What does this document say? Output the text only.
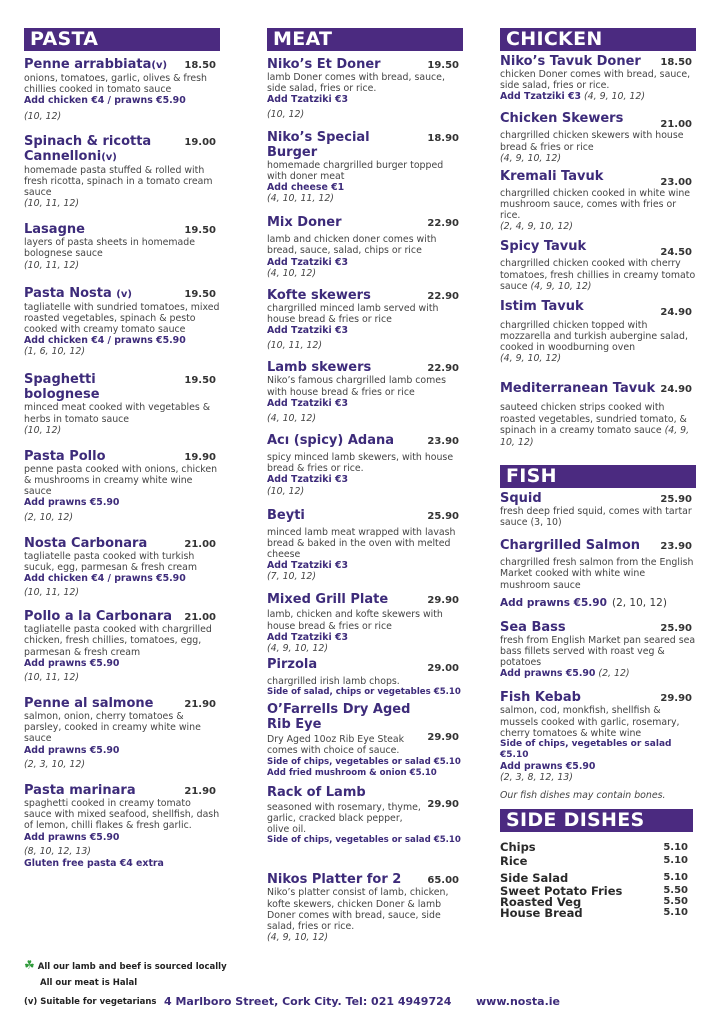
PASTA
Penne arrabbiata(v)	18.50
onions, tomatoes, garlic, olives & fresh chillies cooked in tomato sauce
Add chicken €4 / prawns €5.90
(10, 12)
Spinach & ricotta Cannelloni(v)
19.00
homemade pasta stuffed & rolled with fresh ricotta, spinach in a tomato cream sauce
(10, 11, 12)
Lasagne	19.50
layers of pasta sheets in homemade bolognese sauce
(10, 11, 12)
Pasta Nosta (v)	19.50
tagliatelle with sundried tomatoes, mixed roasted vegetables, spinach & pesto cooked with creamy tomato sauce
Add chicken €4 / prawns €5.90
(1, 6, 10, 12)
Spaghetti bolognese
19.50
minced meat cooked with vegetables & herbs in tomato sauce
(10, 12)
Pasta Pollo	19.90
penne pasta cooked with onions, chicken & mushrooms in creamy white wine sauce
Add prawns €5.90
(2, 10, 12)
Nosta Carbonara	21.00
tagliatelle pasta cooked with turkish sucuk, egg, parmesan & fresh cream
Add chicken €4 / prawns €5.90
(10, 11, 12)
Pollo a la Carbonara	21.00
tagliatelle pasta cooked with chargrilled chicken, fresh chillies, tomatoes, egg, parmesan & fresh cream
Add prawns €5.90
(10, 11, 12)
Penne al salmone	21.90
salmon, onion, cherry tomatoes & parsley, cooked in creamy white wine sauce
Add prawns €5.90
(2, 3, 10, 12)
Pasta marinara	21.90
spaghetti cooked in creamy tomato sauce with mixed seafood, shellfish, dash of lemon, chilli flakes & fresh garlic.
Add prawns €5.90
(8, 10, 12, 13)
Gluten free pasta €4 extra
☘ All our lamb and beef is sourced locally
All our meat is Halal
MEAT
Niko’s Et Doner	19.50
lamb Doner comes with bread, sauce, side salad, fries or rice.
Add Tzatziki €3
(10, 12)
Niko’s Special Burger
18.90
homemade chargrilled burger topped with doner meat
Add cheese €1
(4, 10, 11, 12)
Mix Doner	22.90
lamb and chicken doner comes with bread, sauce, salad, chips or rice
Add Tzatziki €3
(4, 10, 12)
Kofte skewers	22.90
chargrilled minced lamb served with house bread & fries or rice
Add Tzatziki €3
(10, 11, 12)
Lamb skewers	22.90
Niko’s famous chargrilled lamb comes with house bread & fries or rice
Add Tzatziki €3
(4, 10, 12)
Acı (spicy) Adana	23.90
spicy minced lamb skewers, with house bread & fries or rice.
Add Tzatziki €3
(10, 12)
Beyti	25.90
minced lamb meat wrapped with lavash bread & baked in the oven with melted cheese
Add Tzatziki €3
(7, 10, 12)
Mixed Grill Plate	29.90
lamb, chicken and kofte skewers with house bread & fries or rice
Add Tzatziki €3
(4, 9, 10, 12)
Pirzola	29.00
chargrilled irish lamb chops.
Side of salad, chips or vegetables €5.10
O’Farrells Dry Aged Rib Eye
29.90
Dry Aged 10oz Rib Eye Steak comes with choice of sauce.
Side of chips, vegetables or salad €5.10
Add fried mushroom & onion €5.10
Rack of Lamb
29.90
seasoned with rosemary, thyme, garlic, cracked black pepper, olive oil.
Side of chips, vegetables or salad €5.10
Nikos Platter for 2	65.00
Niko’s platter consist of lamb, chicken, kofte skewers, chicken Doner & lamb Doner comes with bread, sauce, side salad, fries or rice.
(4, 9, 10, 12)
CHICKEN
Niko’s Tavuk Doner	18.50
chicken Doner comes with bread, sauce, side salad, fries or rice.
Add Tzatziki €3 (4, 9, 10, 12)
Chicken Skewers	21.00
chargrilled chicken skewers with house bread & fries or rice
(4, 9, 10, 12)
Kremali Tavuk	23.00
chargrilled chicken cooked in white wine mushroom sauce, comes with fries or rice.
(2, 4, 9, 10, 12)
Spicy Tavuk	24.50
chargrilled chicken cooked with cherry tomatoes, fresh chillies in creamy tomato sauce (4, 9, 10, 12)
Istim Tavuk	24.90
chargrilled chicken topped with mozzarella and turkish aubergine salad, cooked in woodburning oven
(4, 9, 10, 12)
Mediterranean Tavuk 24.90
sauteed chicken strips cooked with roasted vegetables, sundried tomato, & spinach in a creamy tomato sauce (4, 9, 10, 12)
FISH
Squid	25.90
fresh deep fried squid, comes with tartar sauce (3, 10)
Chargrilled Salmon	23.90
chargrilled fresh salmon from the English Market cooked with white wine mushroom sauce
Add prawns €5.90 (2, 10, 12)
Sea Bass	25.90
fresh from English Market pan seared sea bass fillets served with roast veg & potatoes
Add prawns €5.90 (2, 12)
Fish Kebab	29.90
salmon, cod, monkfish, shellfish & mussels cooked with garlic, rosemary, cherry tomatoes & white wine
Side of chips, vegetables or salad €5.10
Add prawns €5.90
(2, 3, 8, 12, 13)
Our fish dishes may contain bones.
SIDE DISHES
Chips	5.10
Rice	5.10
Side Salad	5.10
Sweet Potato Fries	5.50
Roasted Veg	5.50
House Bread	5.10
(v) Suitable for vegetarians 4 Marlboro Street, Cork City. Tel: 021 4949724 www.nosta.ie
